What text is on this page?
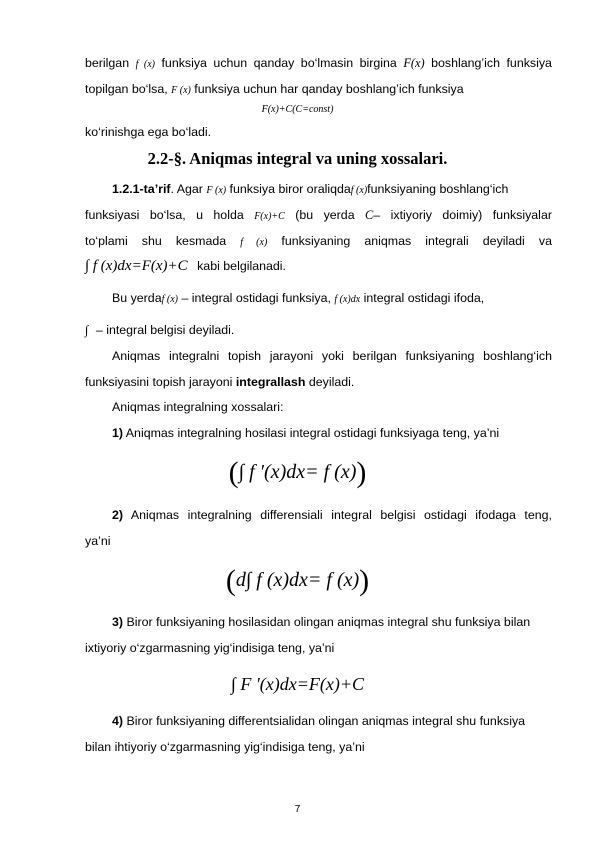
berilgan f (x) funksiya uchun qanday bo‘lmasin birgina F(x) boshlang’ich funksiya
topilgan bo‘lsa, F (x) funksiya uchun har qanday boshlang’ich funksiya
F(x)+C(C=const)
ko‘rinishga ega bo‘ladi.
2.2-§. Aniqmas integral va uning xossalari.
1.2.1-ta’rif. Agar F (x) funksiya biror oraliqdaf (x)funksiyaning boshlang‘ich
funksiyasi bo‘lsa, u holda F(x)+C (bu yerda C– ixtiyoriy doimiy) funksiyalar
to‘plami shu kesmada f (x) funksiyaning aniqmas integrali deyiladi va
∫ f (x)dx=F(x)+C kabi belgilanadi.
Bu yerdaf (x) – integral ostidagi funksiya, f (x)dx integral ostidagi ifoda,
∫ – integral belgisi deyiladi.
Aniqmas integralni topish jarayoni yoki berilgan funksiyaning boshlang‘ich
funksiyasini topish jarayoni integrallash deyiladi.
Aniqmas integralning xossalari:
1) Aniqmas integralning hosilasi integral ostidagi funksiyaga teng, ya’ni
(∫ f ′(x)dx= f (x))
2) Aniqmas integralning differensiali integral belgisi ostidagi ifodaga teng,
ya’ni
(d∫ f (x)dx= f (x))
3) Biror funksiyaning hosilasidan olingan aniqmas integral shu funksiya bilan
ixtiyoriy o‘zgarmasning yig‘indisiga teng, ya’ni
∫ F ′(x)dx=F(x)+C
4) Biror funksiyaning differentsialidan olingan aniqmas integral shu funksiya
bilan ihtiyoriy o‘zgarmasning yig‘indisiga teng, ya’ni
7
